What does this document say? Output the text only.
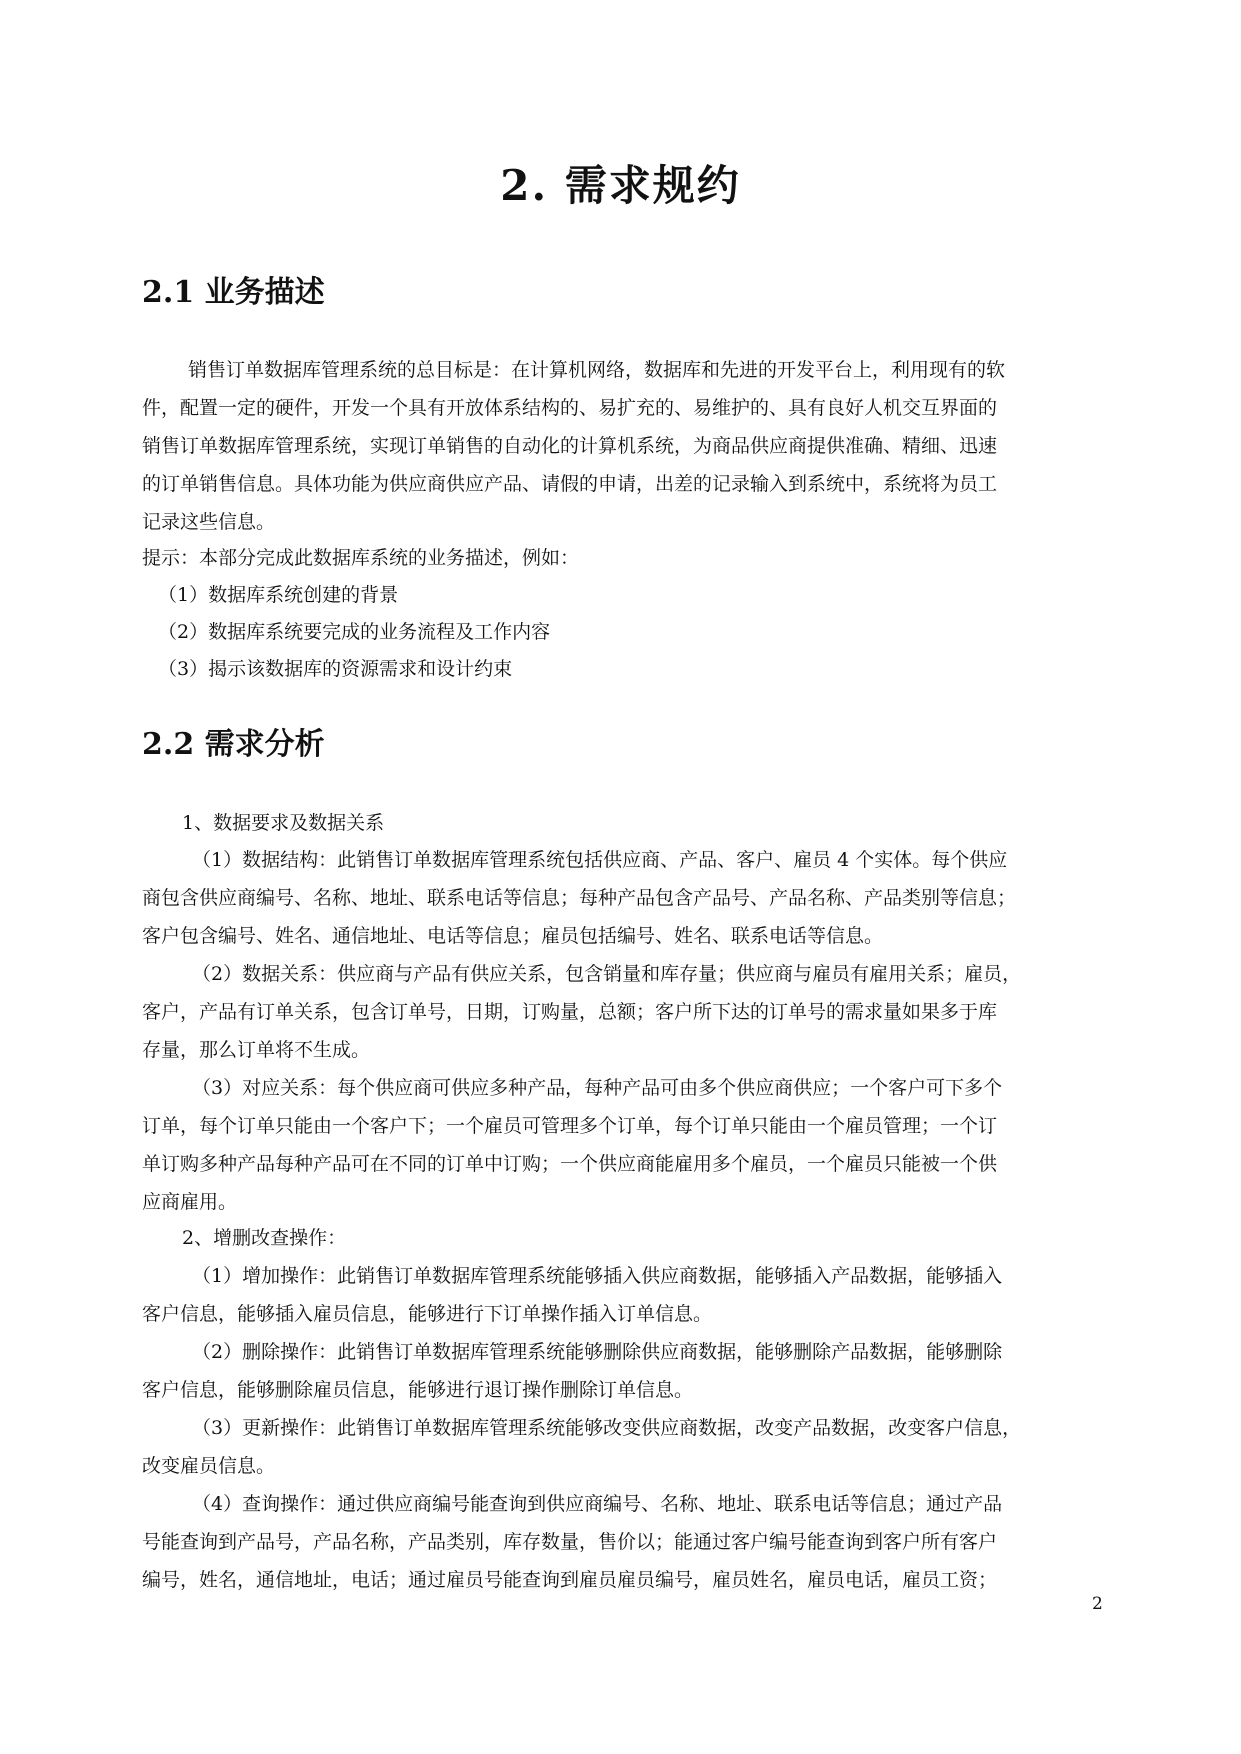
2. 需求规约
2.1 业务描述

销售订单数据库管理系统的总目标是：在计算机网络，数据库和先进的开发平台上，利用现有的软

件，配置一定的硬件，开发一个具有开放体系结构的、易扩充的、易维护的、具有良好人机交互界面的

销售订单数据库管理系统，实现订单销售的自动化的计算机系统，为商品供应商提供准确、精细、迅速

的订单销售信息。具体功能为供应商供应产品、请假的申请，出差的记录输入到系统中，系统将为员工

记录这些信息。

提示：本部分完成此数据库系统的业务描述，例如：

（1）数据库系统创建的背景

（2）数据库系统要完成的业务流程及工作内容

（3）揭示该数据库的资源需求和设计约束

2.2 需求分析

1、数据要求及数据关系

（1）数据结构：此销售订单数据库管理系统包括供应商、产品、客户、雇员 4 个实体。每个供应

商包含供应商编号、名称、地址、联系电话等信息；每种产品包含产品号、产品名称、产品类别等信息；

客户包含编号、姓名、通信地址、电话等信息；雇员包括编号、姓名、联系电话等信息。

（2）数据关系：供应商与产品有供应关系，包含销量和库存量；供应商与雇员有雇用关系；雇员，

客户，产品有订单关系，包含订单号，日期，订购量，总额；客户所下达的订单号的需求量如果多于库

存量，那么订单将不生成。

（3）对应关系：每个供应商可供应多种产品，每种产品可由多个供应商供应；一个客户可下多个

订单，每个订单只能由一个客户下；一个雇员可管理多个订单，每个订单只能由一个雇员管理；一个订

单订购多种产品每种产品可在不同的订单中订购；一个供应商能雇用多个雇员，一个雇员只能被一个供

应商雇用。

2、增删改查操作：

（1）增加操作：此销售订单数据库管理系统能够插入供应商数据，能够插入产品数据，能够插入

客户信息，能够插入雇员信息，能够进行下订单操作插入订单信息。

（2）删除操作：此销售订单数据库管理系统能够删除供应商数据，能够删除产品数据，能够删除

客户信息，能够删除雇员信息，能够进行退订操作删除订单信息。

（3）更新操作：此销售订单数据库管理系统能够改变供应商数据，改变产品数据，改变客户信息，

改变雇员信息。

（4）查询操作：通过供应商编号能查询到供应商编号、名称、地址、联系电话等信息；通过产品

号能查询到产品号，产品名称，产品类别，库存数量，售价以；能通过客户编号能查询到客户所有客户

编号，姓名，通信地址，电话；通过雇员号能查询到雇员雇员编号，雇员姓名，雇员电话，雇员工资；

2
